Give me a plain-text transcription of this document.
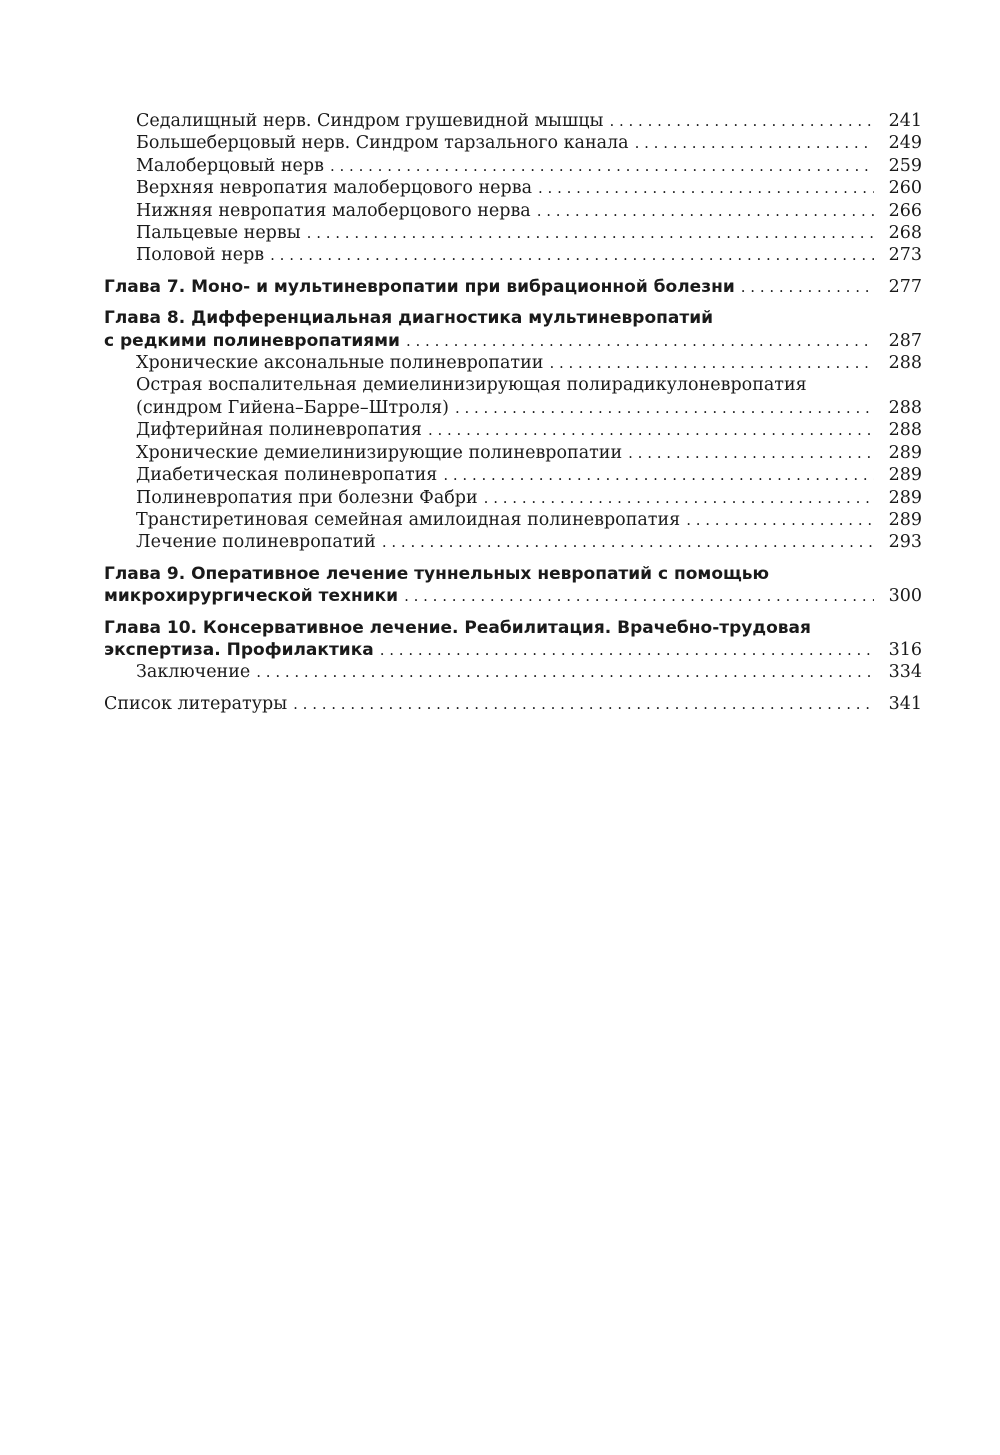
Седалищный нерв. Синдром грушевидной мышцы . . .	241
Большеберцовый нерв. Синдром тарзального канала . . .	249
Малоберцовый нерв . . .	259
Верхняя невропатия малоберцового нерва . . .	260
Нижняя невропатия малоберцового нерва . . .	266
Пальцевые нервы . . .	268
Половой нерв . . .	273
Глава 7. Моно- и мультиневропатии при вибрационной болезни . . .	277
Глава 8. Дифференциальная диагностика мультиневропатий
с редкими полиневропатиями . . .	287
Хронические аксональные полиневропатии . . .	288
Острая воспалительная демиелинизирующая полирадикулоневропатия
(синдром Гийена–Барре–Штроля) . . .	288
Дифтерийная полиневропатия . . .	288
Хронические демиелинизирующие полиневропатии . . .	289
Диабетическая полиневропатия . . .	289
Полиневропатия при болезни Фабри . . .	289
Транстиретиновая семейная амилоидная полиневропатия . . .	289
Лечение полиневропатий . . .	293
Глава 9. Оперативное лечение туннельных невропатий с помощью
микрохирургической техники . . .	300
Глава 10. Консервативное лечение. Реабилитация. Врачебно-трудовая
экспертиза. Профилактика . . .	316
Заключение . . .	334
Список литературы . . .	341
